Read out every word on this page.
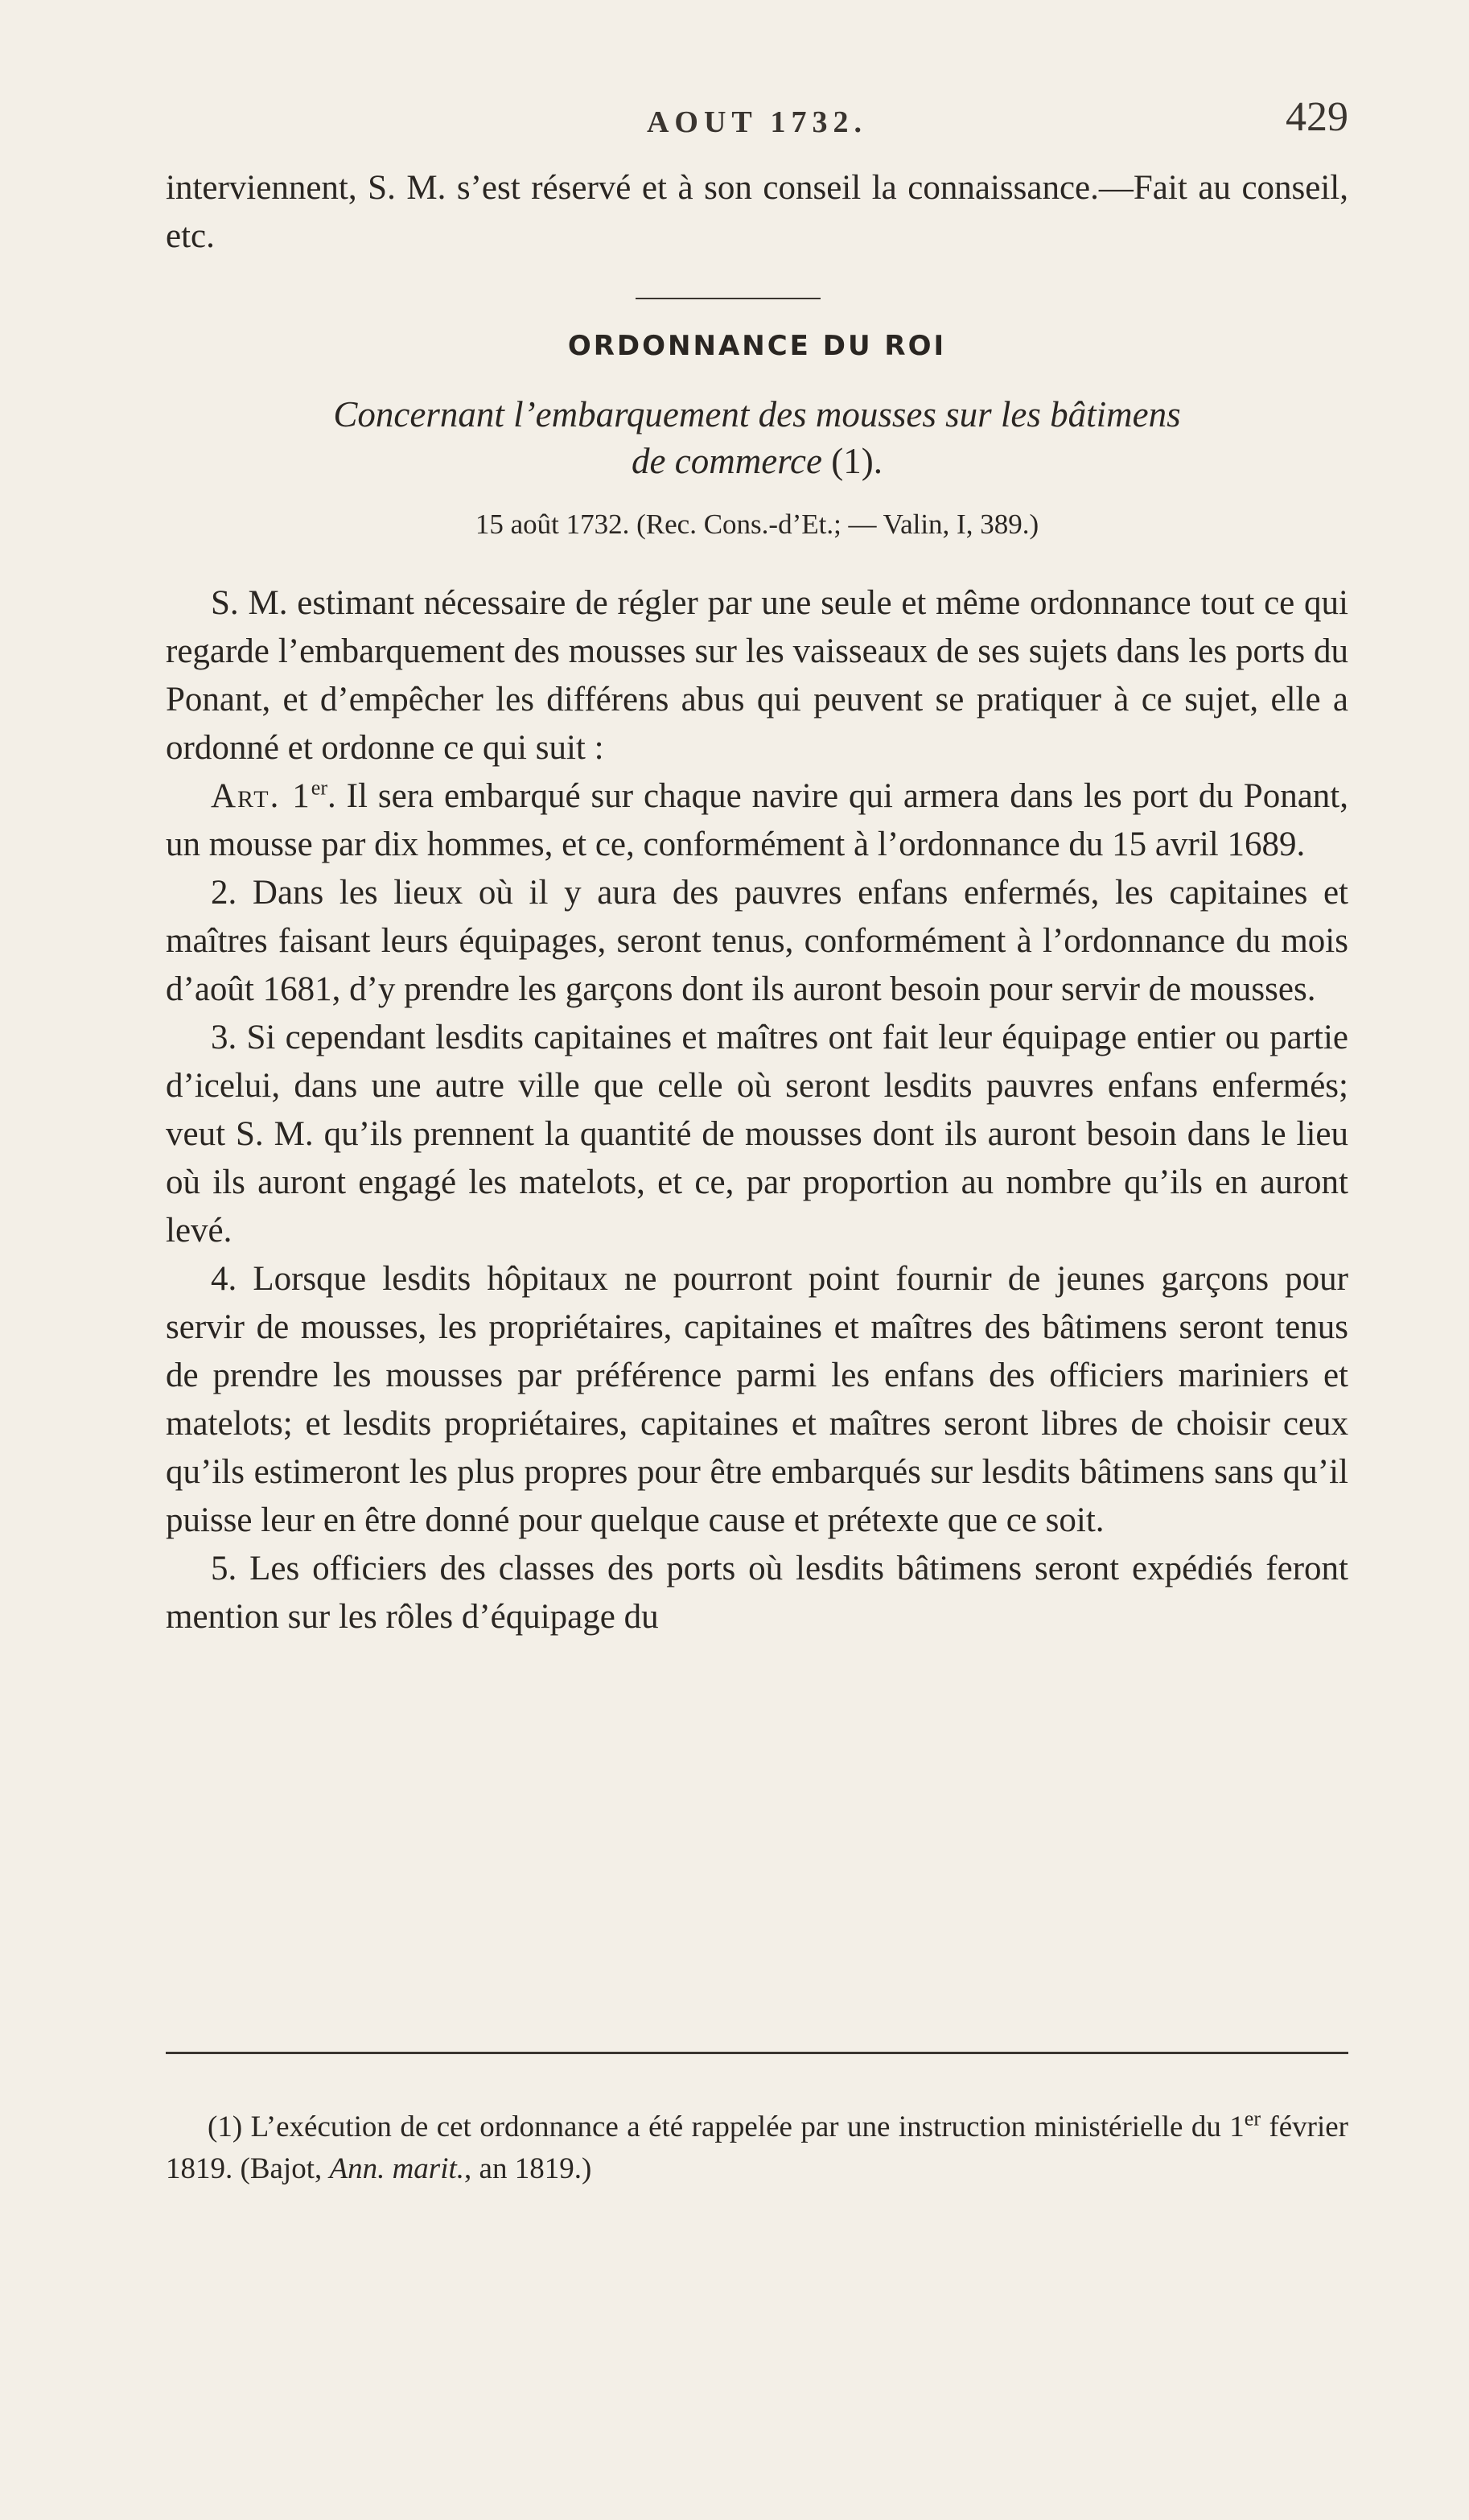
AOUT 1732.	429

interviennent, S. M. s’est réservé et à son conseil la connaissance.—Fait au conseil, etc.

ORDONNANCE DU ROI
Concernant l’embarquement des mousses sur les bâtimens
de commerce (1).
15 août 1732. (Rec. Cons.-d’Et.; — Valin, I, 389.)

S. M. estimant nécessaire de régler par une seule et même ordonnance tout ce qui regarde l’embarquement des mousses sur les vaisseaux de ses sujets dans les ports du Ponant, et d’empêcher les différens abus qui peuvent se pratiquer à ce sujet, elle a ordonné et ordonne ce qui suit :

Art. 1er. Il sera embarqué sur chaque navire qui armera dans les port du Ponant, un mousse par dix hommes, et ce, conformément à l’ordonnance du 15 avril 1689.

2. Dans les lieux où il y aura des pauvres enfans enfermés, les capitaines et maîtres faisant leurs équipages, seront tenus, conformément à l’ordonnance du mois d’août 1681, d’y prendre les garçons dont ils auront besoin pour servir de mousses.

3. Si cependant lesdits capitaines et maîtres ont fait leur équipage entier ou partie d’icelui, dans une autre ville que celle où seront lesdits pauvres enfans enfermés; veut S. M. qu’ils prennent la quantité de mousses dont ils auront besoin dans le lieu où ils auront engagé les matelots, et ce, par proportion au nombre qu’ils en auront levé.

4. Lorsque lesdits hôpitaux ne pourront point fournir de jeunes garçons pour servir de mousses, les propriétaires, capitaines et maîtres des bâtimens seront tenus de prendre les mousses par préférence parmi les enfans des officiers mariniers et matelots; et lesdits propriétaires, capitaines et maîtres seront libres de choisir ceux qu’ils estimeront les plus propres pour être embarqués sur lesdits bâtimens sans qu’il puisse leur en être donné pour quelque cause et prétexte que ce soit.

5. Les officiers des classes des ports où lesdits bâtimens seront expédiés feront mention sur les rôles d’équipage du

(1) L’exécution de cet ordonnance a été rappelée par une instruction ministérielle du 1er février 1819. (Bajot, Ann. marit., an 1819.)
